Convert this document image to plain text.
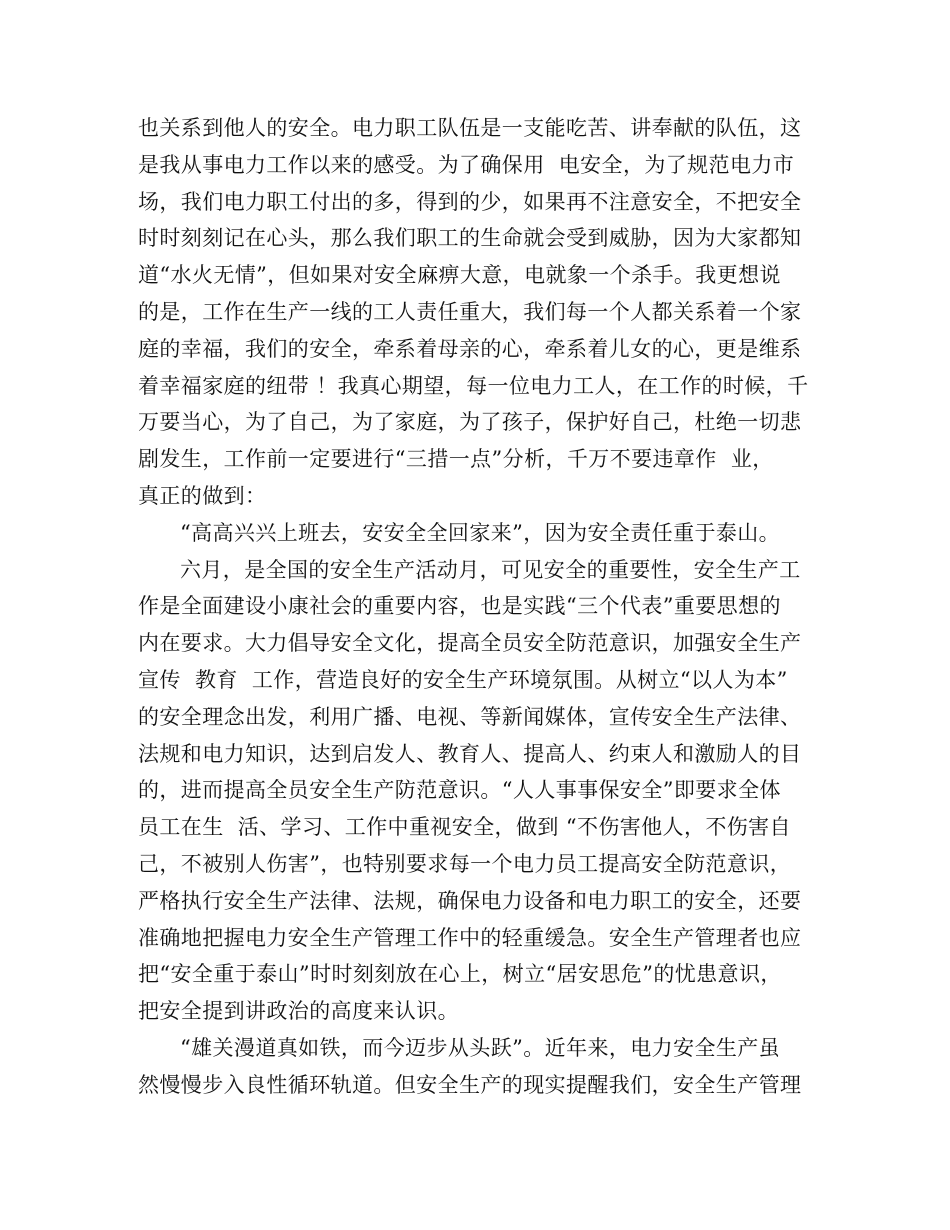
也关系到他人的安全。电力职工队伍是一支能吃苦、讲奉献的队伍，这
是我从事电力工作以来的感受。为了确保用  电安全，为了规范电力市
场，我们电力职工付出的多，得到的少，如果再不注意安全，不把安全
时时刻刻记在心头，那么我们职工的生命就会受到威胁，因为大家都知
道“水火无情”，但如果对安全麻痹大意，电就象一个杀手。我更想说
的是，工作在生产一线的工人责任重大，我们每一个人都关系着一个家
庭的幸福，我们的安全，牵系着母亲的心，牵系着儿女的心，更是维系
着幸福家庭的纽带 ！我真心期望，每一位电力工人，在工作的时候，千
万要当心，为了自己，为了家庭，为了孩子，保护好自己，杜绝一切悲
剧发生，工作前一定要进行“三措一点”分析，千万不要违章作  业，
真正的做到：
“高高兴兴上班去，安安全全回家来”，因为安全责任重于泰山。
六月，是全国的安全生产活动月，可见安全的重要性，安全生产工
作是全面建设小康社会的重要内容，也是实践“三个代表”重要思想的
内在要求。大力倡导安全文化，提高全员安全防范意识，加强安全生产
宣传  教育  工作，营造良好的安全生产环境氛围。从树立“以人为本”
的安全理念出发，利用广播、电视、等新闻媒体，宣传安全生产法律、
法规和电力知识，达到启发人、教育人、提高人、约束人和激励人的目
的，进而提高全员安全生产防范意识。“人人事事保安全”即要求全体
员工在生  活、学习、工作中重视安全，做到 “不伤害他人，不伤害自
己，不被别人伤害”，也特别要求每一个电力员工提高安全防范意识，
严格执行安全生产法律、法规，确保电力设备和电力职工的安全，还要
准确地把握电力安全生产管理工作中的轻重缓急。安全生产管理者也应
把“安全重于泰山”时时刻刻放在心上，树立“居安思危”的忧患意识，
把安全提到讲政治的高度来认识。
“雄关漫道真如铁，而今迈步从头跃”。近年来，电力安全生产虽
然慢慢步入良性循环轨道。但安全生产的现实提醒我们，安全生产管理
